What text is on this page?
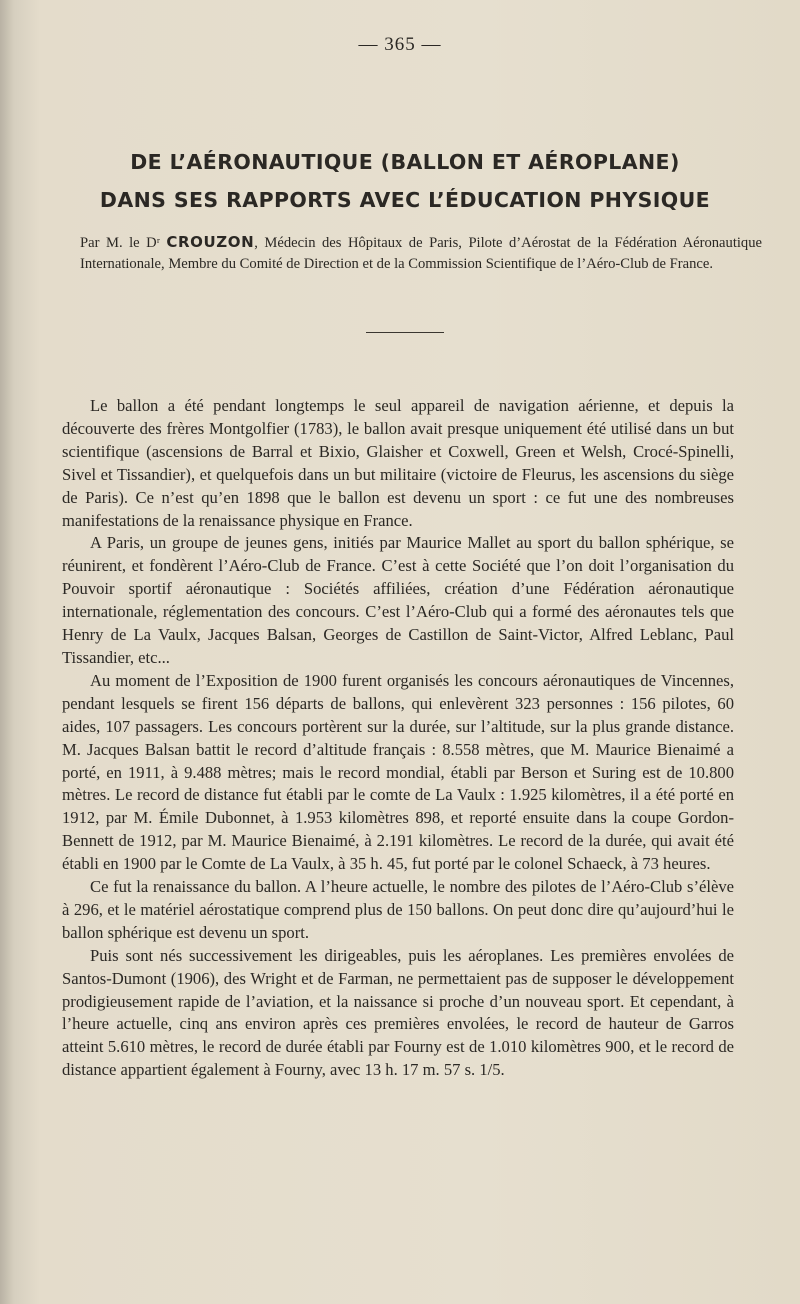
— 365 —
DE L’AÉRONAUTIQUE (BALLON ET AÉROPLANE)
DANS SES RAPPORTS AVEC L’ÉDUCATION PHYSIQUE
Par M. le Dʳ CROUZON, Médecin des Hôpitaux de Paris, Pilote d’Aérostat de la Fédération Aéronautique Internationale, Membre du Comité de Direction et de la Commission Scientifique de l’Aéro-Club de France.

Le ballon a été pendant longtemps le seul appareil de navigation aérienne, et depuis la découverte des frères Montgolfier (1783), le ballon avait presque uniquement été utilisé dans un but scientifique (ascensions de Barral et Bixio, Glaisher et Coxwell, Green et Welsh, Crocé-Spinelli, Sivel et Tissandier), et quelquefois dans un but militaire (victoire de Fleurus, les ascensions du siège de Paris). Ce n’est qu’en 1898 que le ballon est devenu un sport : ce fut une des nombreuses manifestations de la renaissance physique en France.

A Paris, un groupe de jeunes gens, initiés par Maurice Mallet au sport du ballon sphérique, se réunirent, et fondèrent l’Aéro-Club de France. C’est à cette Société que l’on doit l’organisation du Pouvoir sportif aéronautique : Sociétés affiliées, création d’une Fédération aéronautique internationale, réglementation des concours. C’est l’Aéro-Club qui a formé des aéronautes tels que Henry de La Vaulx, Jacques Balsan, Georges de Castillon de Saint-Victor, Alfred Leblanc, Paul Tissandier, etc...

Au moment de l’Exposition de 1900 furent organisés les concours aéronautiques de Vincennes, pendant lesquels se firent 156 départs de ballons, qui enlevèrent 323 personnes : 156 pilotes, 60 aides, 107 passagers. Les concours portèrent sur la durée, sur l’altitude, sur la plus grande distance. M. Jacques Balsan battit le record d’altitude français : 8.558 mètres, que M. Maurice Bienaimé a porté, en 1911, à 9.488 mètres; mais le record mondial, établi par Berson et Suring est de 10.800 mètres. Le record de distance fut établi par le comte de La Vaulx : 1.925 kilomètres, il a été porté en 1912, par M. Émile Dubonnet, à 1.953 kilomètres 898, et reporté ensuite dans la coupe Gordon-Bennett de 1912, par M. Maurice Bienaimé, à 2.191 kilomètres. Le record de la durée, qui avait été établi en 1900 par le Comte de La Vaulx, à 35 h. 45, fut porté par le colonel Schaeck, à 73 heures.

Ce fut la renaissance du ballon. A l’heure actuelle, le nombre des pilotes de l’Aéro-Club s’élève à 296, et le matériel aérostatique comprend plus de 150 ballons. On peut donc dire qu’aujourd’hui le ballon sphérique est devenu un sport.

Puis sont nés successivement les dirigeables, puis les aéroplanes. Les premières envolées de Santos-Dumont (1906), des Wright et de Farman, ne permettaient pas de supposer le développement prodigieusement rapide de l’aviation, et la naissance si proche d’un nouveau sport. Et cependant, à l’heure actuelle, cinq ans environ après ces premières envolées, le record de hauteur de Garros atteint 5.610 mètres, le record de durée établi par Fourny est de 1.010 kilomètres 900, et le record de distance appartient également à Fourny, avec 13 h. 17 m. 57 s. 1/5.
